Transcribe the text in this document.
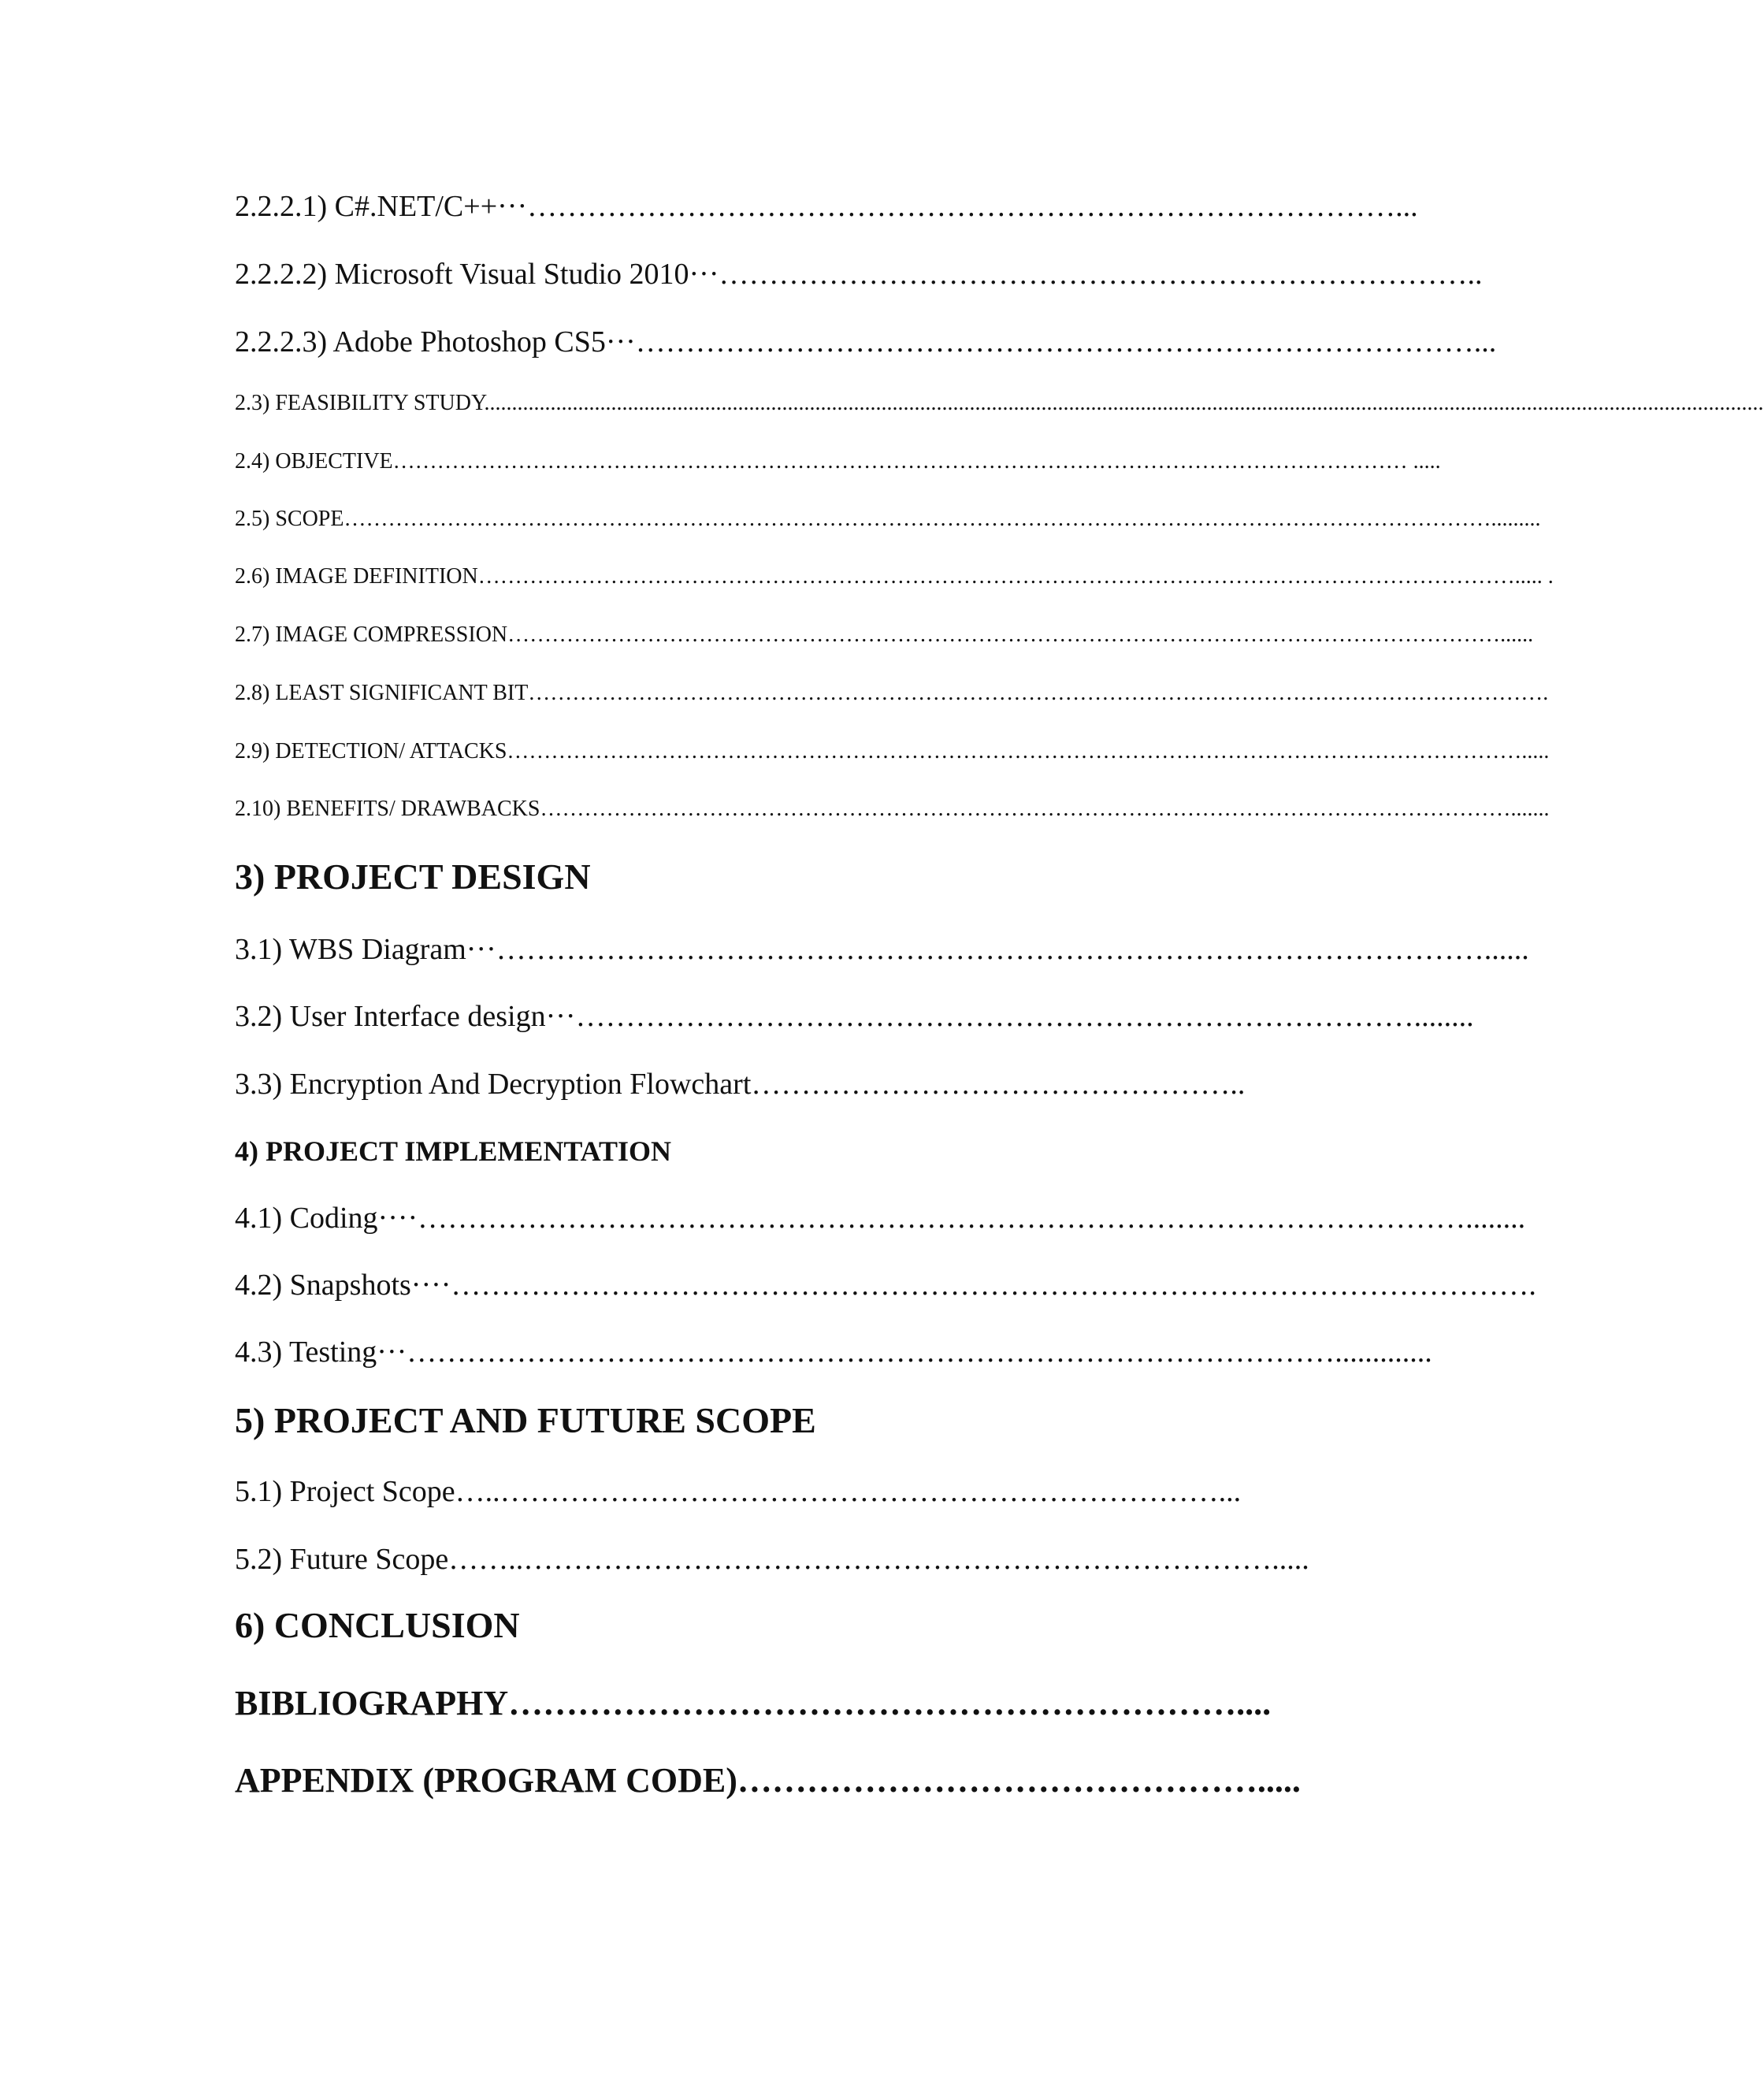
2.2.2.1) C#.NET/C++···……………………………………………………………………………...
2.2.2.2) Microsoft Visual Studio 2010···…………………………………………………………………..
2.2.2.3) Adobe Photoshop CS5···…………………………………………………………………………...
2.3) FEASIBILITY STUDY........................................................................................................................................................................................................................................
2.4) OBJECTIVE………………………………………………………………………………………………………………………… .....
2.5) SCOPE………………………………………………………………………………………………………………………………………….........
2.6) IMAGE DEFINITION……………………………………………………………………………………………………………………………..... .
2.7) IMAGE COMPRESSION………………………………………………………………………………………………………………………......
2.8) LEAST SIGNIFICANT BIT………………………………………………………………………………………………………………………….
2.9) DETECTION/ ATTACKS………………………………………………………………………………………………………………………….....
2.10) BENEFITS/ DRAWBACKS…………………………………………………………………………………………………………………….......
3) PROJECT DESIGN
3.1) WBS Diagram···………………………………………………………………………………………......
3.2) User Interface design···…………………………………………………………………………........
3.3) Encryption And Decryption Flowchart…………………………………………..
4) PROJECT IMPLEMENTATION
4.1) Coding····……………………………………………………………………………………………........
4.2) Snapshots····……………………………………………………………………………………………….
4.3) Testing···………………………………………………………………………………….............
5) PROJECT AND FUTURE SCOPE
5.1) Project Scope…..………………………………………………………………...
5.2) Future Scope……..………………………………………………………………….....
6) CONCLUSION
BIBLIOGRAPHY………………………………………………………....
APPENDIX (PROGRAM CODE)……………………………………….....
